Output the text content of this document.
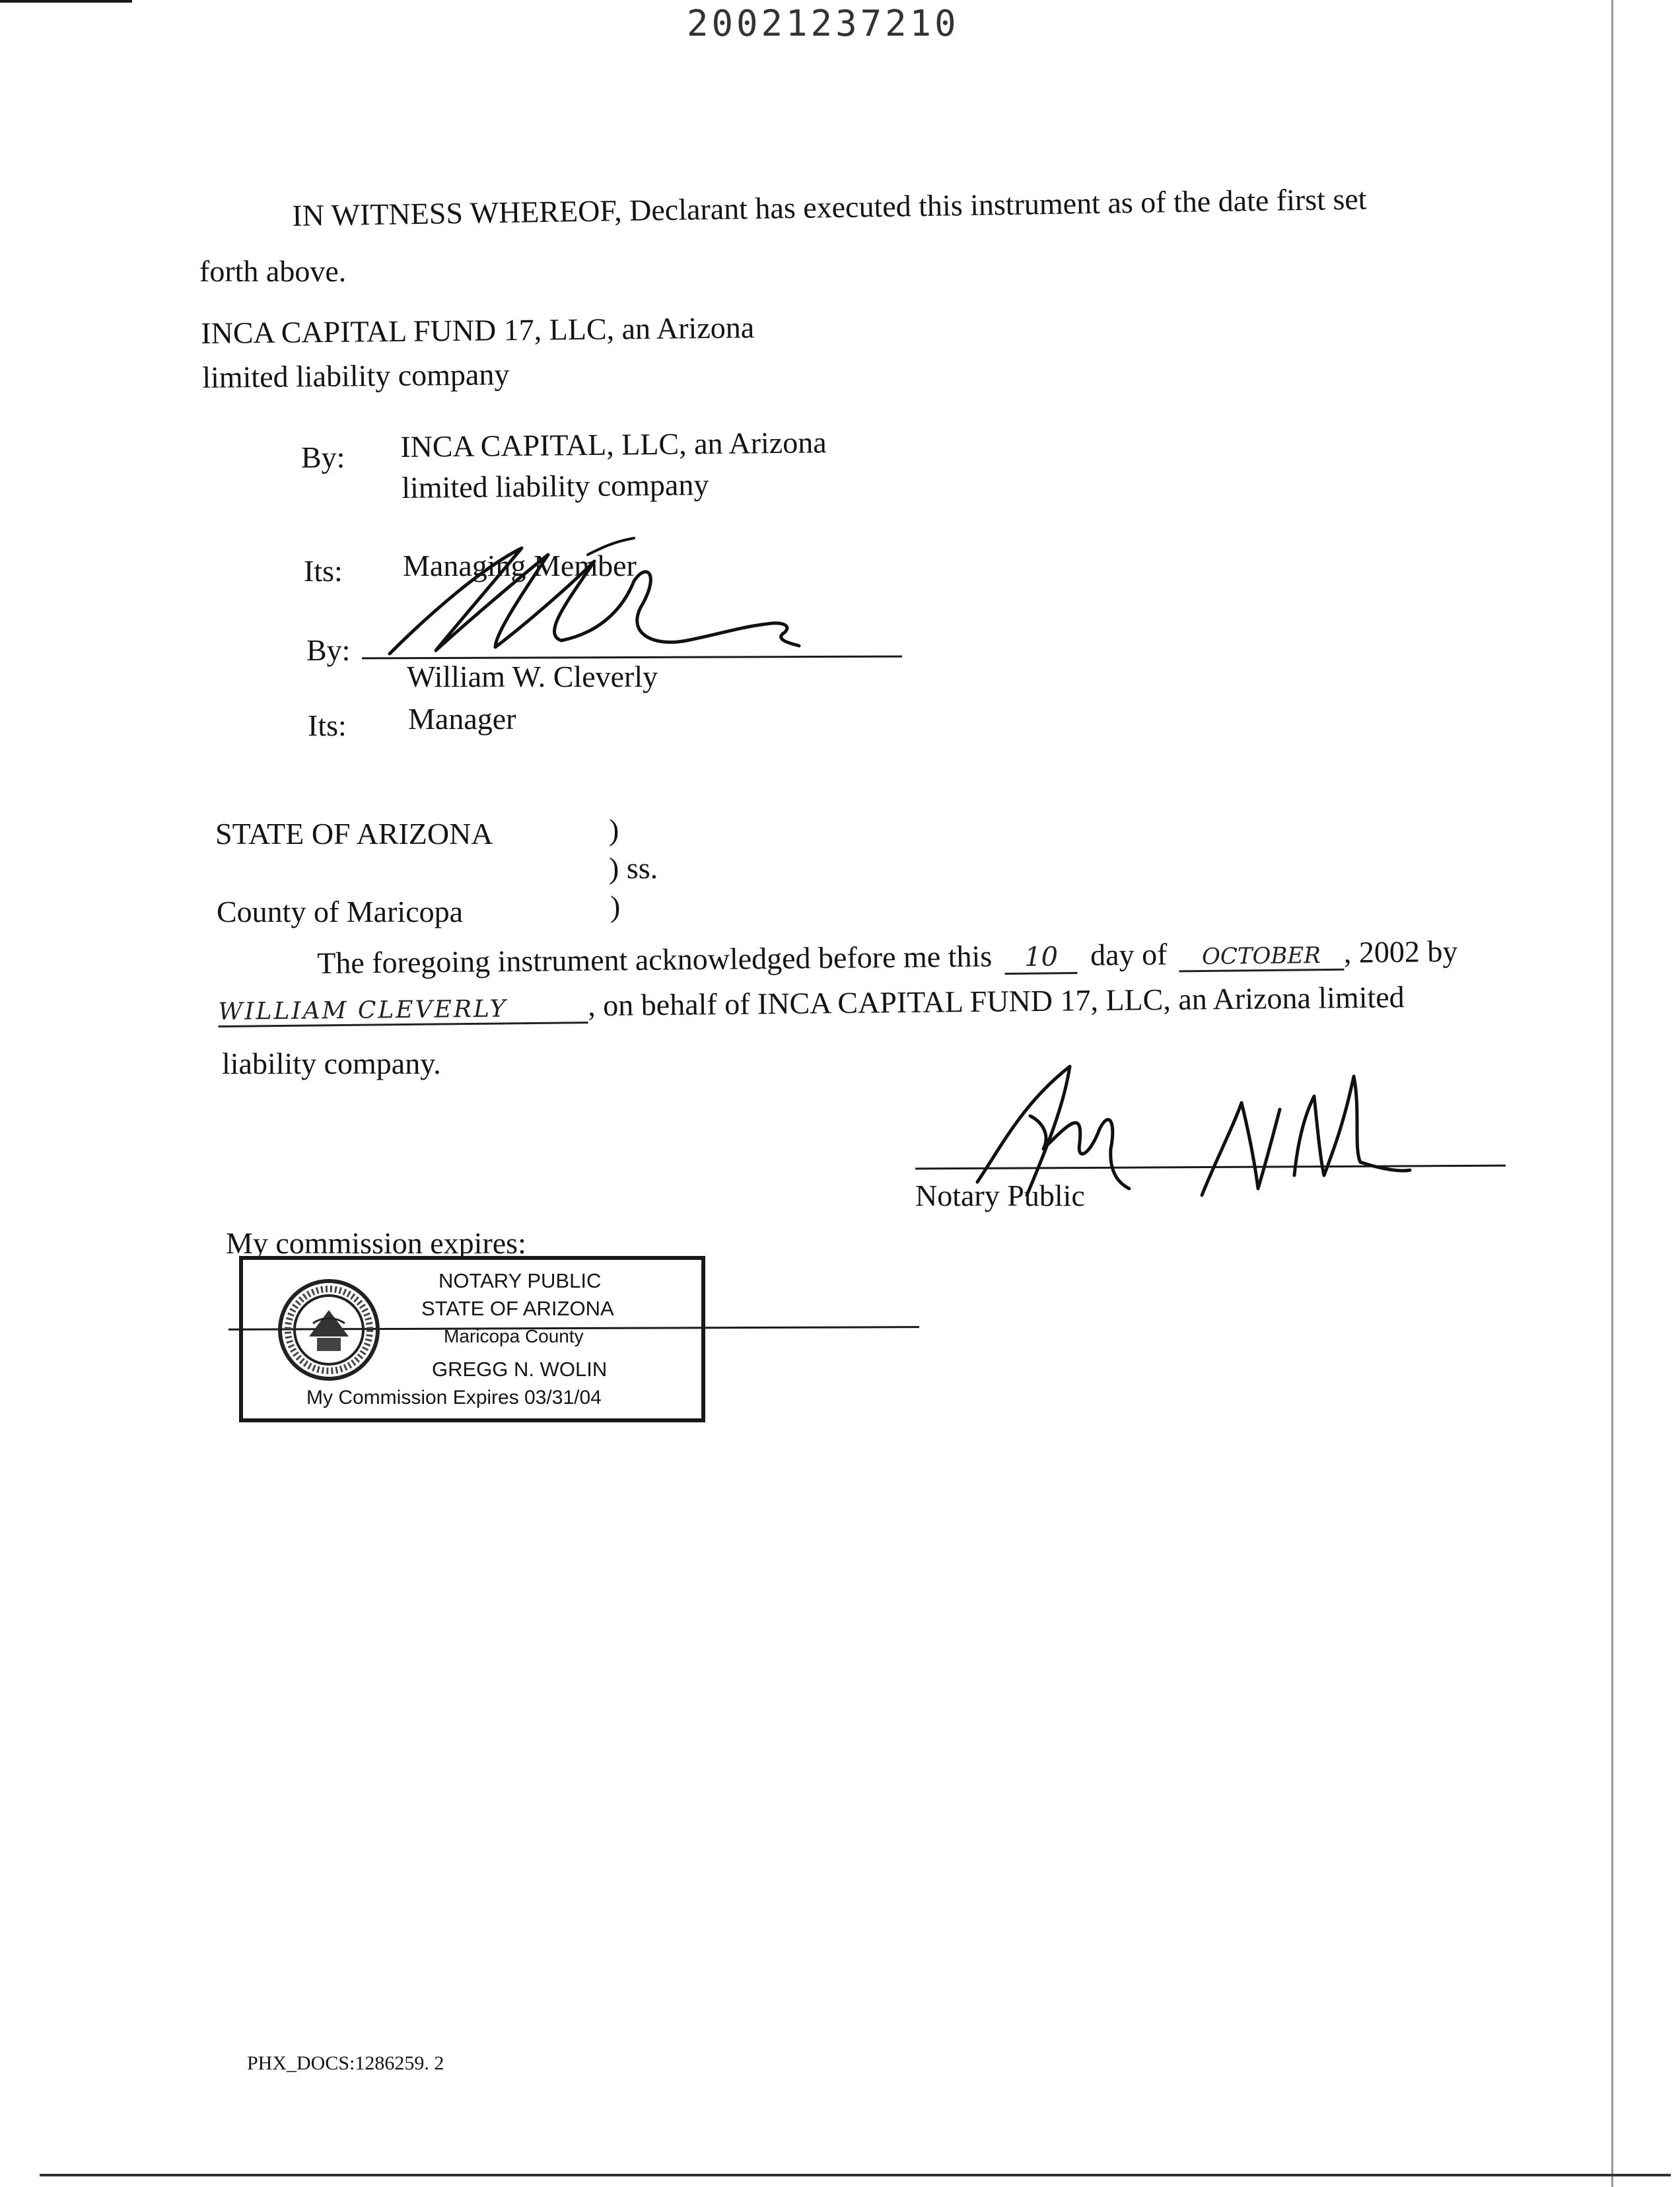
20021237210
IN WITNESS WHEREOF, Declarant has executed this instrument as of the date first set
forth above.
INCA CAPITAL FUND 17, LLC, an Arizona
limited liability company
By: INCA CAPITAL, LLC, an Arizona
limited liability company
Its: Managing Member
By:
William W. Cleverly
Its: Manager
STATE OF ARIZONA	)
) ss.
County of Maricopa	)
The foregoing instrument acknowledged before me this 10 day of OCTOBER , 2002 by
WILLIAM CLEVERLY	, on behalf of INCA CAPITAL FUND 17, LLC, an Arizona limited
liability company.
Notary Public
My commission expires:
NOTARY PUBLIC
STATE OF ARIZONA
Maricopa County
GREGG N. WOLIN
My Commission Expires 03/31/04
PHX_DOCS:1286259. 2
